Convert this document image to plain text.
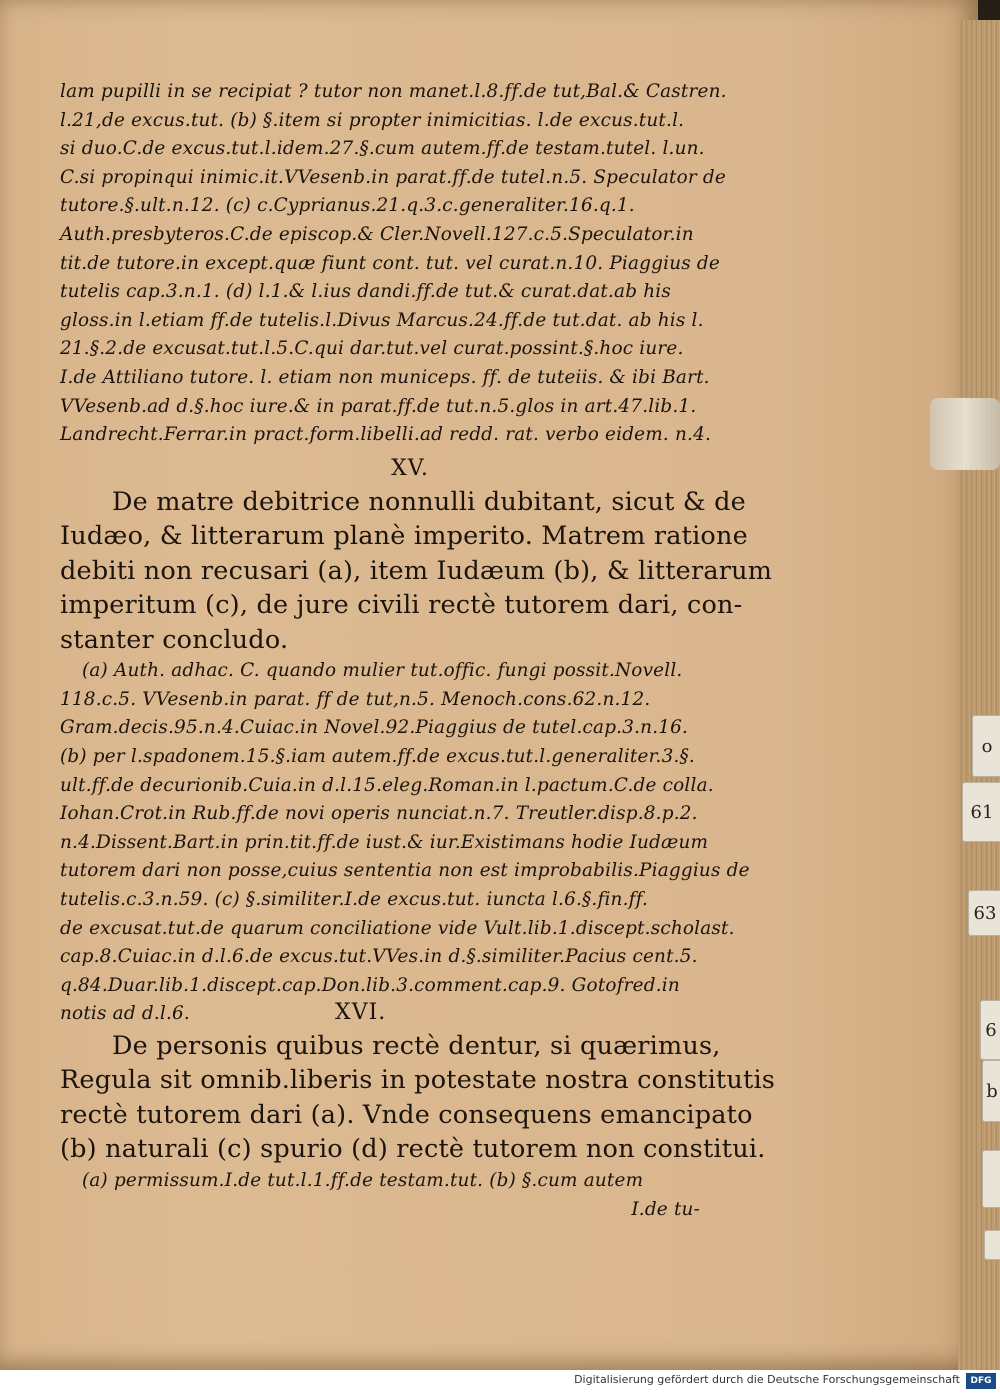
o
61
63
6
b

lam pupilli in se recipiat ? tutor non manet.l.8.ff.de tut,Bal.& Castren.

l.21,de excus.tut. (b) §.item si propter inimicitias. l.de excus.tut.l.

si duo.C.de excus.tut.l.idem.27.§.cum autem.ff.de testam.tutel. l.un.

C.si propinqui inimic.it.VVesenb.in parat.ff.de tutel.n.5. Speculator de

tutore.§.ult.n.12. (c) c.Cyprianus.21.q.3.c.generaliter.16.q.1.

Auth.presbyteros.C.de episcop.& Cler.Novell.127.c.5.Speculator.in

tit.de tutore.in except.quæ fiunt cont. tut. vel curat.n.10. Piaggius de

tutelis cap.3.n.1. (d) l.1.& l.ius dandi.ff.de tut.& curat.dat.ab his

gloss.in l.etiam ff.de tutelis.l.Divus Marcus.24.ff.de tut.dat. ab his l.

21.§.2.de excusat.tut.l.5.C.qui dar.tut.vel curat.possint.§.hoc iure.

I.de Attiliano tutore. l. etiam non municeps. ff. de tuteiis. & ibi Bart.

VVesenb.ad d.§.hoc iure.& in parat.ff.de tut.n.5.glos in art.47.lib.1.

Landrecht.Ferrar.in pract.form.libelli.ad redd. rat. verbo eidem. n.4.

XV.

De matre debitrice nonnulli dubitant, sicut & de

Iudæo, & litterarum planè imperito. Matrem ratione

debiti non recusari (a), item Iudæum (b), & litterarum

imperitum (c), de jure civili rectè tutorem dari, con-

stanter concludo.

(a) Auth. adhac. C. quando mulier tut.offic. fungi possit.Novell.

118.c.5. VVesenb.in parat. ff de tut,n.5. Menoch.cons.62.n.12.

Gram.decis.95.n.4.Cuiac.in Novel.92.Piaggius de tutel.cap.3.n.16.

(b) per l.spadonem.15.§.iam autem.ff.de excus.tut.l.generaliter.3.§.

ult.ff.de decurionib.Cuia.in d.l.15.eleg.Roman.in l.pactum.C.de colla.

Iohan.Crot.in Rub.ff.de novi operis nunciat.n.7. Treutler.disp.8.p.2.

n.4.Dissent.Bart.in prin.tit.ff.de iust.& iur.Existimans hodie Iudæum

tutorem dari non posse,cuius sententia non est improbabilis.Piaggius de

tutelis.c.3.n.59. (c) §.similiter.I.de excus.tut. iuncta l.6.§.fin.ff.

de excusat.tut.de quarum conciliatione vide Vult.lib.1.discept.scholast.

cap.8.Cuiac.in d.l.6.de excus.tut.VVes.in d.§.similiter.Pacius cent.5.

q.84.Duar.lib.1.discept.cap.Don.lib.3.comment.cap.9. Gotofred.in

notis ad d.l.6.	XVI.

De personis quibus rectè dentur, si quærimus,

Regula sit omnib.liberis in potestate nostra constitutis

rectè tutorem dari (a). Vnde consequens emancipato

(b) naturali (c) spurio (d) rectè tutorem non constitui.

(a) permissum.I.de tut.l.1.ff.de testam.tut. (b) §.cum autem

I.de tu-

Digitalisierung gefördert durch die Deutsche Forschungsgemeinschaft	DFG
